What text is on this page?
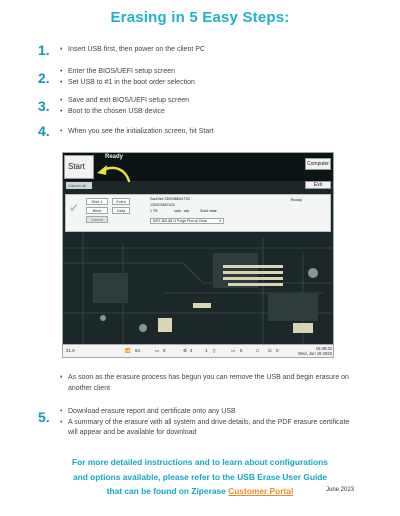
Erasing in 5 Easy Steps:
1.	• Insert USB first, then power on the client PC
2.	• Enter the BIOS/UEFI setup screen
• Set USB to #1 in the boot order selection
3.	• Save and exit BIOS/UEFI setup screen
• Boot to the chosen USB device
4.	• When you see the initialization screen, hit Start
Start
Ready
Computer
Exit
Cancel all
✔	Disk 1	Extra
Blink	Data
Cancel
SanDisk SD9SB8W1T00
1309C5887403
1 TB	sata - ata	Solid state
NIST 800-88 r1 Purge Plus w/ Clear	▾
Ready
21.6	📶 84	▭ 8	⚙ 4	1 ▯	▭ 5	⎍ ⏻ 0	16:48:32
Wed, Jun 19 2023
• As soon as the erasure process has begun you can remove the USB and begin erasure on another client
5.	• Download erasure report and certificate onto any USB
• A summary of the erasure with all system and drive details, and the PDF erasure certificate will appear and be available for download
For more detailed instructions and to learn about configurations
and options available, please refer to the USB Erase User Guide
that can be found on Ziperase Customer Portal	June 2023
